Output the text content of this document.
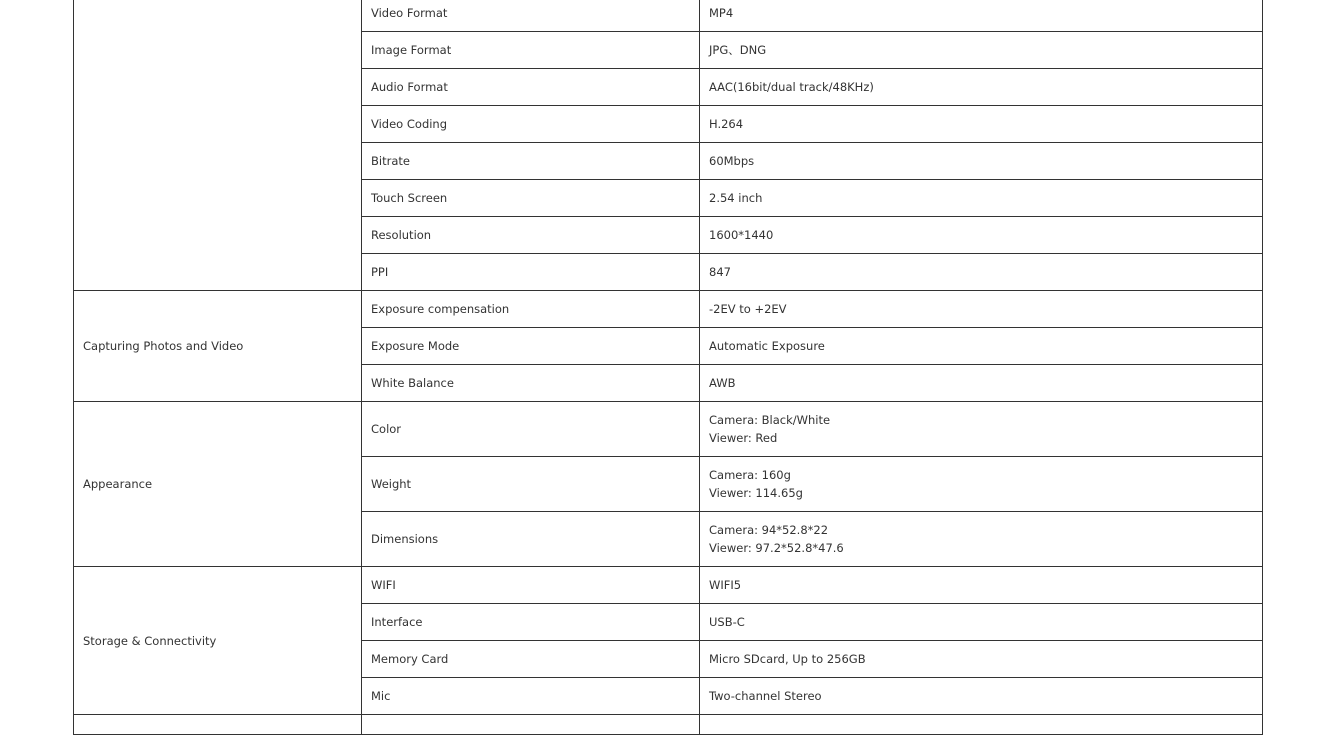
	Video Format	MP4

	Image Format	JPG、DNG

	Audio Format	AAC(16bit/dual track/48KHz)

	Video Coding	H.264

	Bitrate	60Mbps

	Touch Screen	2.54 inch

	Resolution	1600*1440

	PPI	847

Capturing Photos and Video	Exposure compensation	-2EV to +2EV

	Exposure Mode	Automatic Exposure

	White Balance	AWB

Appearance	Color	Camera: Black/White
Viewer: Red

	Weight	Camera: 160g
Viewer: 114.65g

	Dimensions	Camera: 94*52.8*22
Viewer: 97.2*52.8*47.6

Storage & Connectivity	WIFI	WIFI5

	Interface	USB-C

	Memory Card	Micro SDcard, Up to 256GB

	Mic	Two-channel Stereo
